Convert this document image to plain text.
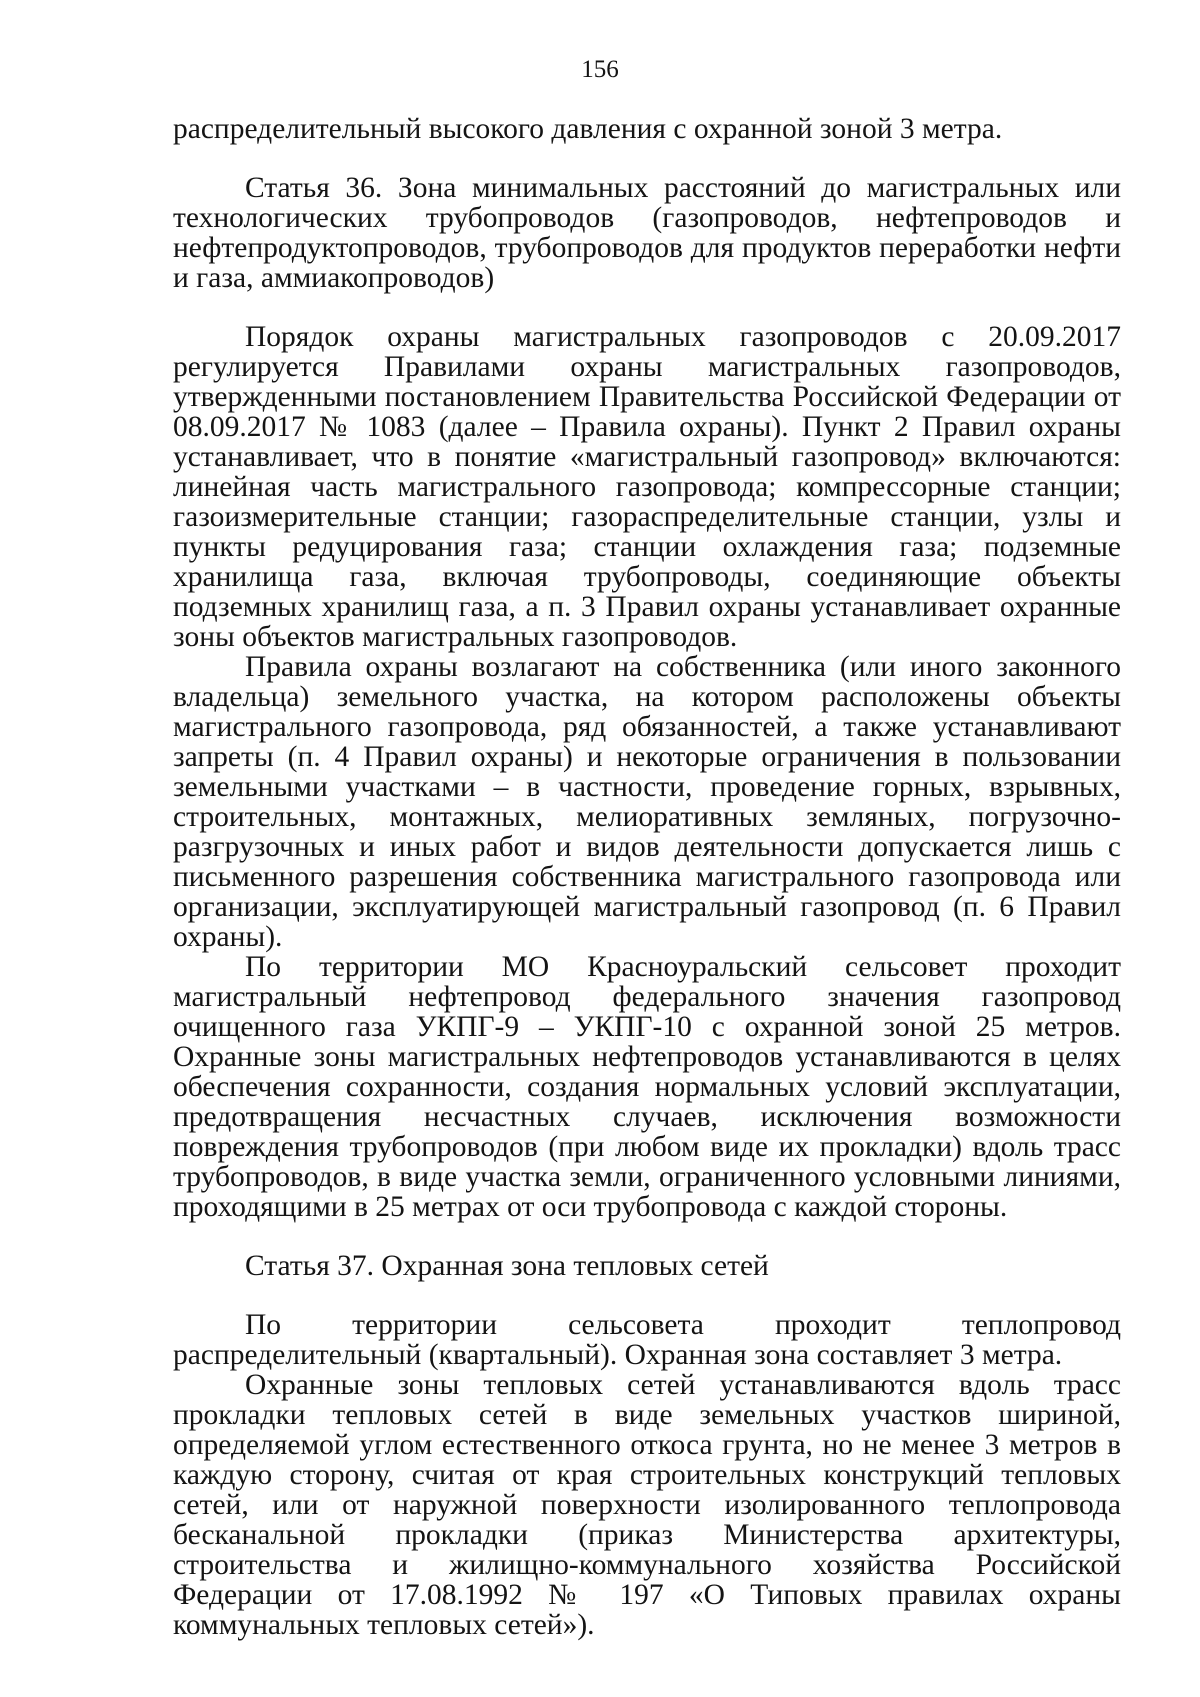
156

распределительный высокого давления с охранной зоной 3 метра.

Статья 36. Зона минимальных расстояний до магистральных или технологических трубопроводов (газопроводов, нефтепроводов и нефтепродуктопроводов, трубопроводов для продуктов переработки нефти и газа, аммиакопроводов)

Порядок охраны магистральных газопроводов с 20.09.2017 регулируется Правилами охраны магистральных газопроводов, утвержденными постановлением Правительства Российской Федерации от 08.09.2017 № 1083 (далее – Правила охраны). Пункт 2 Правил охраны устанавливает, что в понятие «магистральный газопровод» включаются: линейная часть магистрального газопровода; компрессорные станции; газоизмерительные станции; газораспределительные станции, узлы и пункты редуцирования газа; станции охлаждения газа; подземные хранилища газа, включая трубопроводы, соединяющие объекты подземных хранилищ газа, а п. 3 Правил охраны устанавливает охранные зоны объектов магистральных газопроводов.

Правила охраны возлагают на собственника (или иного законного владельца) земельного участка, на котором расположены объекты магистрального газопровода, ряд обязанностей, а также устанавливают запреты (п. 4 Правил охраны) и некоторые ограничения в пользовании земельными участками – в частности, проведение горных, взрывных, строительных, монтажных, мелиоративных земляных, погрузочно-разгрузочных и иных работ и видов деятельности допускается лишь с письменного разрешения собственника магистрального газопровода или организации, эксплуатирующей магистральный газопровод (п. 6 Правил охраны).

По территории МО Красноуральский сельсовет проходит магистральный нефтепровод федерального значения газопровод очищенного газа УКПГ-9 – УКПГ-10 с охранной зоной 25 метров. Охранные зоны магистральных нефтепроводов устанавливаются в целях обеспечения сохранности, создания нормальных условий эксплуатации, предотвращения несчастных случаев, исключения возможности повреждения трубопроводов (при любом виде их прокладки) вдоль трасс трубопроводов, в виде участка земли, ограниченного условными линиями, проходящими в 25 метрах от оси трубопровода с каждой стороны.

Статья 37. Охранная зона тепловых сетей

По территории сельсовета проходит теплопровод распределительный (квартальный). Охранная зона составляет 3 метра.

Охранные зоны тепловых сетей устанавливаются вдоль трасс прокладки тепловых сетей в виде земельных участков шириной, определяемой углом естественного откоса грунта, но не менее 3 метров в каждую сторону, считая от края строительных конструкций тепловых сетей, или от наружной поверхности изолированного теплопровода бесканальной прокладки (приказ Министерства архитектуры, строительства и жилищно-коммунального хозяйства Российской Федерации от 17.08.1992 № 197 «О Типовых правилах охраны коммунальных тепловых сетей»).
